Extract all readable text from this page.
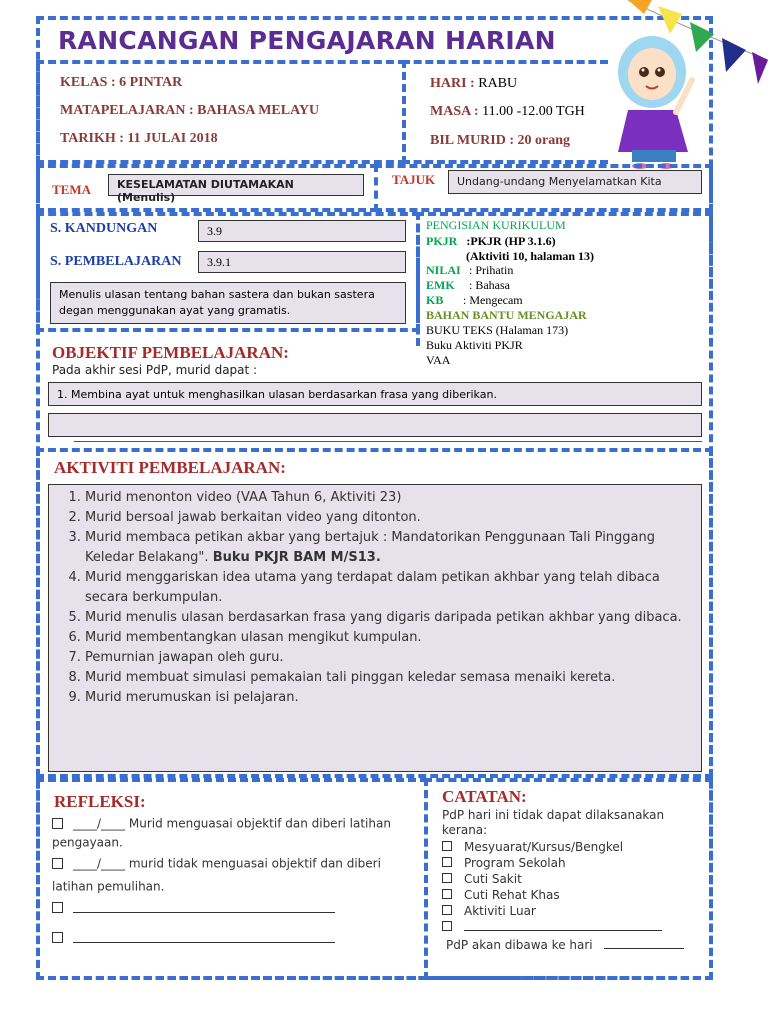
RANCANGAN PENGAJARAN HARIAN
KELAS : 6 PINTAR
MATAPELAJARAN : BAHASA MELAYU
TARIKH : 11 JULAI 2018
HARI : RABU
MASA : 11.00 -12.00 TGH
BIL MURID : 20 orang
TEMA	KESELAMATAN DIUTAMAKAN (Menulis)
TAJUK	Undang-undang Menyelamatkan Kita
S. KANDUNGAN	3.9
S. PEMBELAJARAN	3.9.1
Menulis ulasan tentang bahan sastera dan bukan sastera degan menggunakan ayat yang gramatis.
PENGISIAN KURIKULUM
PKJR :PKJR (HP 3.1.6)
(Aktiviti 10, halaman 13)
NILAI : Prihatin
EMK : Bahasa
KB : Mengecam
BAHAN BANTU MENGAJAR
BUKU TEKS (Halaman 173)
Buku Aktiviti PKJR
VAA
OBJEKTIF PEMBELAJARAN:
Pada akhir sesi PdP, murid dapat :
1. Membina ayat untuk menghasilkan ulasan berdasarkan frasa yang diberikan.
AKTIVITI PEMBELAJARAN:
1. Murid menonton video (VAA Tahun 6, Aktiviti 23)
2. Murid bersoal jawab berkaitan video yang ditonton.
3. Murid membaca petikan akbar yang bertajuk : Mandatorikan Penggunaan Tali Pinggang Keledar Belakang". Buku PKJR BAM M/S13.
4. Murid menggariskan idea utama yang terdapat dalam petikan akhbar yang telah dibaca secara berkumpulan.
5. Murid menulis ulasan berdasarkan frasa yang digaris daripada petikan akhbar yang dibaca.
6. Murid membentangkan ulasan mengikut kumpulan.
7. Pemurnian jawapan oleh guru.
8. Murid membuat simulasi pemakaian tali pinggan keledar semasa menaiki kereta.
9. Murid merumuskan isi pelajaran.
REFLEKSI:
____/____ Murid menguasai objektif dan diberi latihan pengayaan.
____/____ murid tidak menguasai objektif dan diberi latihan pemulihan.
CATATAN:
PdP hari ini tidak dapat dilaksanakan kerana:
Mesyuarat/Kursus/Bengkel
Program Sekolah
Cuti Sakit
Cuti Rehat Khas
Aktiviti Luar
PdP akan dibawa ke hari
